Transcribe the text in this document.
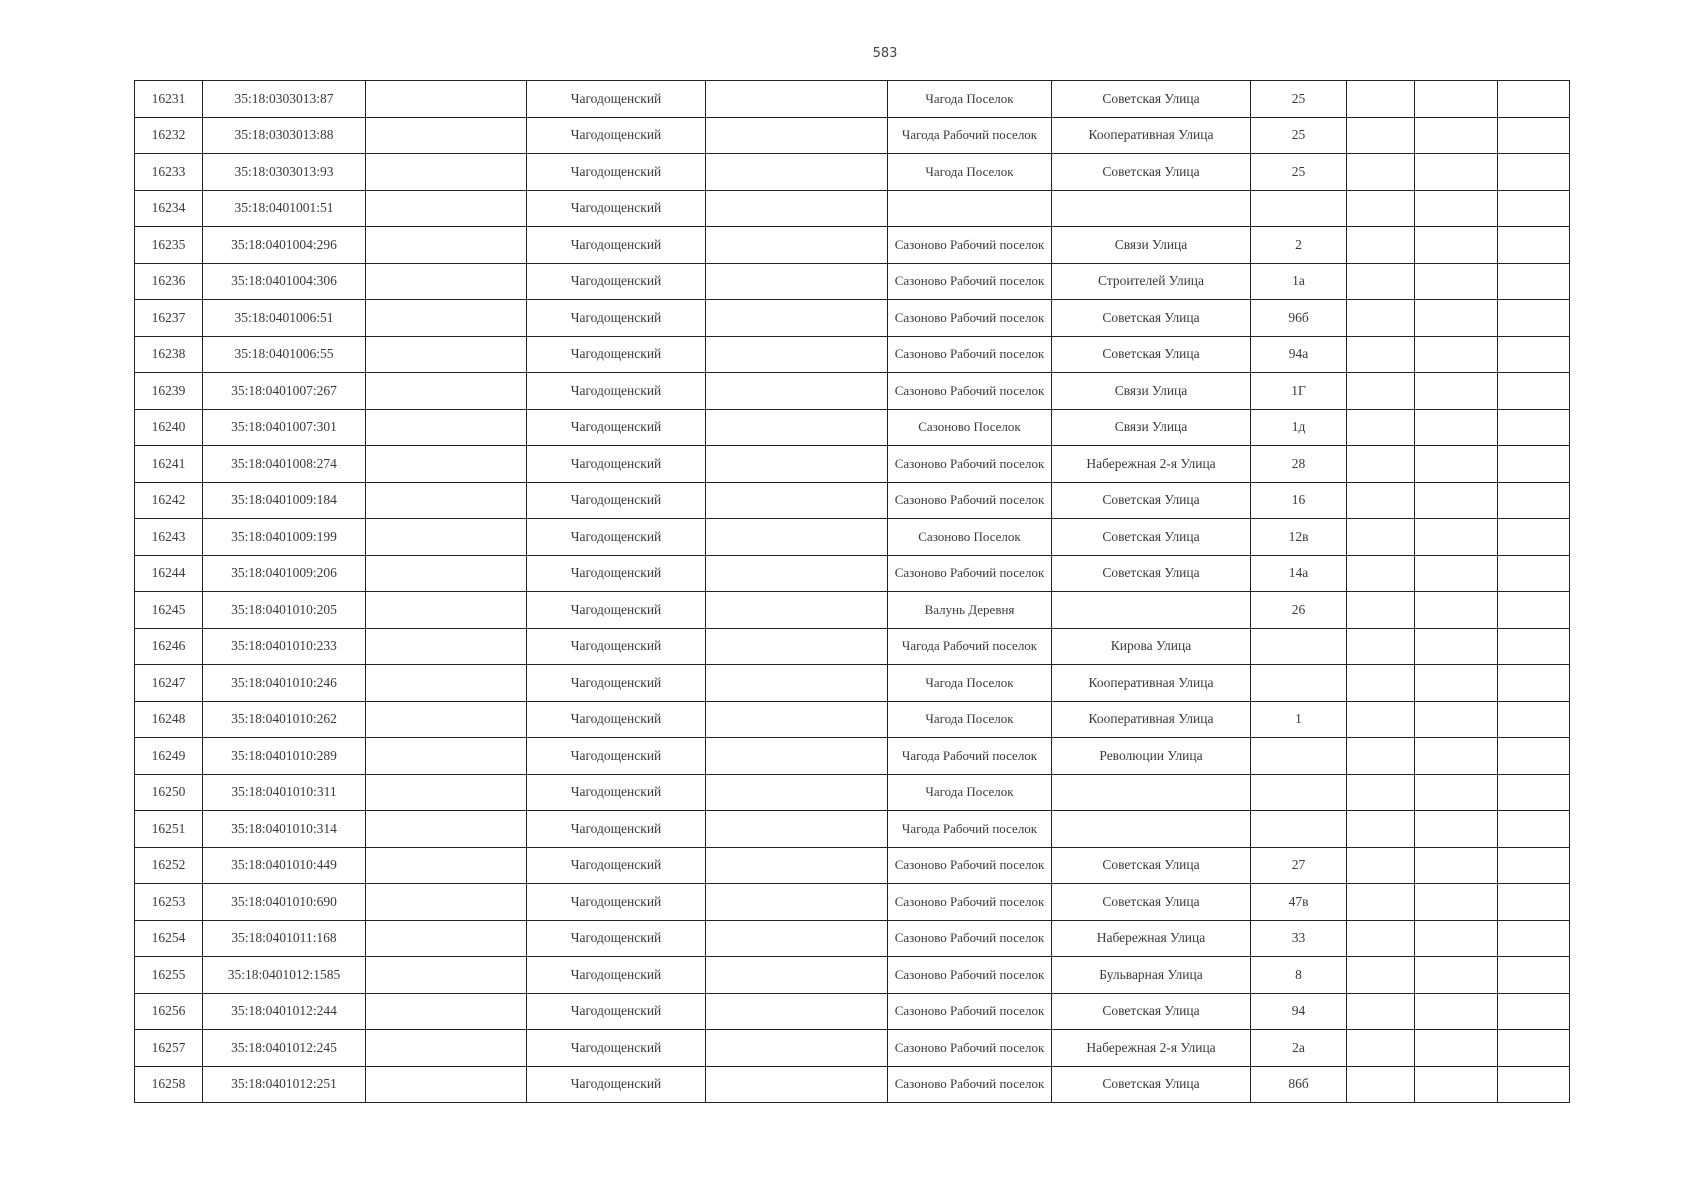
583
16231	35:18:0303013:87		Чагодощенский		Чагода Поселок	Советская Улица	25			
16232	35:18:0303013:88		Чагодощенский		Чагода Рабочий поселок	Кооперативная Улица	25			
16233	35:18:0303013:93		Чагодощенский		Чагода Поселок	Советская Улица	25			
16234	35:18:0401001:51		Чагодощенский							
16235	35:18:0401004:296		Чагодощенский		Сазоново Рабочий поселок	Связи Улица	2			
16236	35:18:0401004:306		Чагодощенский		Сазоново Рабочий поселок	Строителей Улица	1а			
16237	35:18:0401006:51		Чагодощенский		Сазоново Рабочий поселок	Советская Улица	96б			
16238	35:18:0401006:55		Чагодощенский		Сазоново Рабочий поселок	Советская Улица	94а			
16239	35:18:0401007:267		Чагодощенский		Сазоново Рабочий поселок	Связи Улица	1Г			
16240	35:18:0401007:301		Чагодощенский		Сазоново Поселок	Связи Улица	1д			
16241	35:18:0401008:274		Чагодощенский		Сазоново Рабочий поселок	Набережная 2-я Улица	28			
16242	35:18:0401009:184		Чагодощенский		Сазоново Рабочий поселок	Советская Улица	16			
16243	35:18:0401009:199		Чагодощенский		Сазоново Поселок	Советская Улица	12в			
16244	35:18:0401009:206		Чагодощенский		Сазоново Рабочий поселок	Советская Улица	14а			
16245	35:18:0401010:205		Чагодощенский		Валунь Деревня		26			
16246	35:18:0401010:233		Чагодощенский		Чагода Рабочий поселок	Кирова Улица				
16247	35:18:0401010:246		Чагодощенский		Чагода Поселок	Кооперативная Улица				
16248	35:18:0401010:262		Чагодощенский		Чагода Поселок	Кооперативная Улица	1			
16249	35:18:0401010:289		Чагодощенский		Чагода Рабочий поселок	Революции Улица				
16250	35:18:0401010:311		Чагодощенский		Чагода Поселок					
16251	35:18:0401010:314		Чагодощенский		Чагода Рабочий поселок					
16252	35:18:0401010:449		Чагодощенский		Сазоново Рабочий поселок	Советская Улица	27			
16253	35:18:0401010:690		Чагодощенский		Сазоново Рабочий поселок	Советская Улица	47в			
16254	35:18:0401011:168		Чагодощенский		Сазоново Рабочий поселок	Набережная Улица	33			
16255	35:18:0401012:1585		Чагодощенский		Сазоново Рабочий поселок	Бульварная Улица	8			
16256	35:18:0401012:244		Чагодощенский		Сазоново Рабочий поселок	Советская Улица	94			
16257	35:18:0401012:245		Чагодощенский		Сазоново Рабочий поселок	Набережная 2-я Улица	2а			
16258	35:18:0401012:251		Чагодощенский		Сазоново Рабочий поселок	Советская Улица	86б			
